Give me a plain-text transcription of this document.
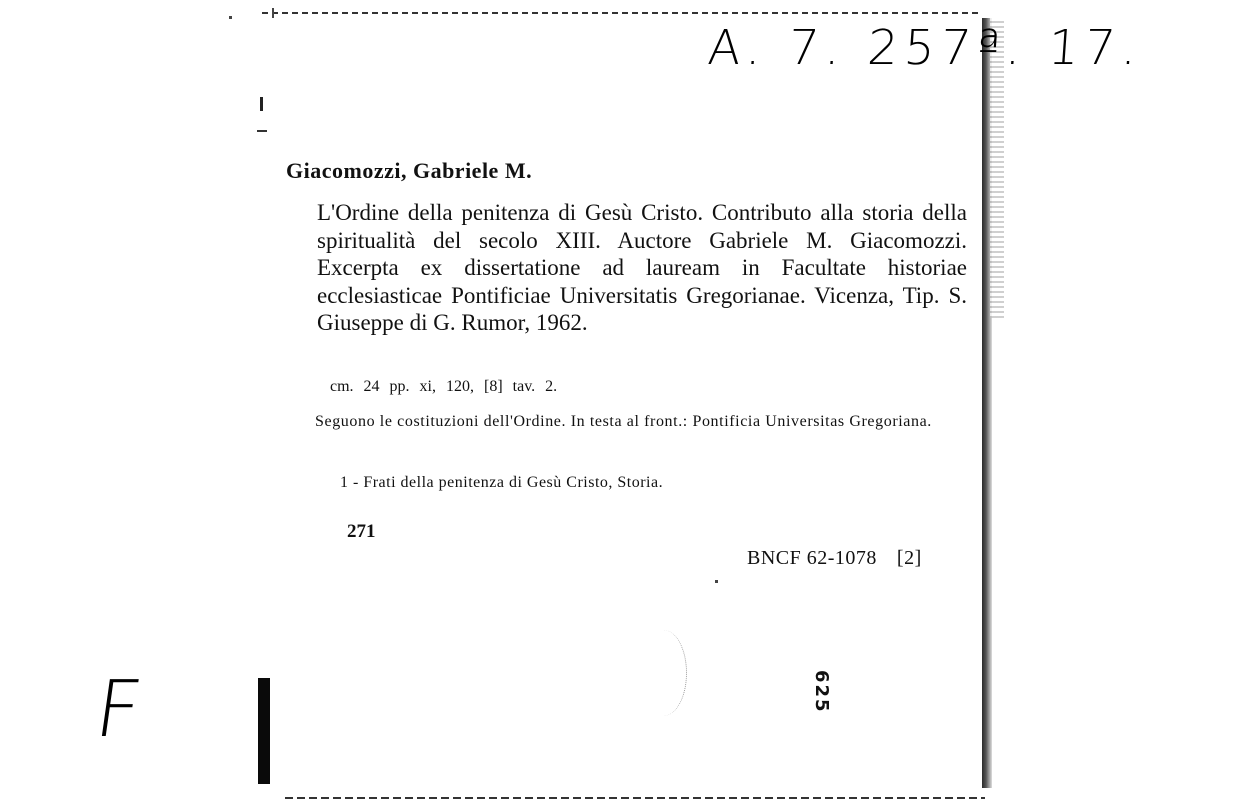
A. 7. 257ª. 17.
Giacomozzi, Gabriele M.
L'Ordine della penitenza di Gesù Cristo. Contributo alla storia della spiritualità del secolo XIII. Auctore Gabriele M. Giacomozzi. Excerpta ex dissertatione ad lauream in Facultate historiae ecclesiasticae Pontificiae Universitatis Gregorianae. Vicenza, Tip. S. Giuseppe di G. Rumor, 1962.
cm. 24 pp. xi, 120, [8] tav. 2.
Seguono le costituzioni dell'Ordine. In testa al front.: Pontificia Universitas Gregoriana.
1 - Frati della penitenza di Gesù Cristo, Storia.
271
BNCF 62-1078 [2]
625
F
